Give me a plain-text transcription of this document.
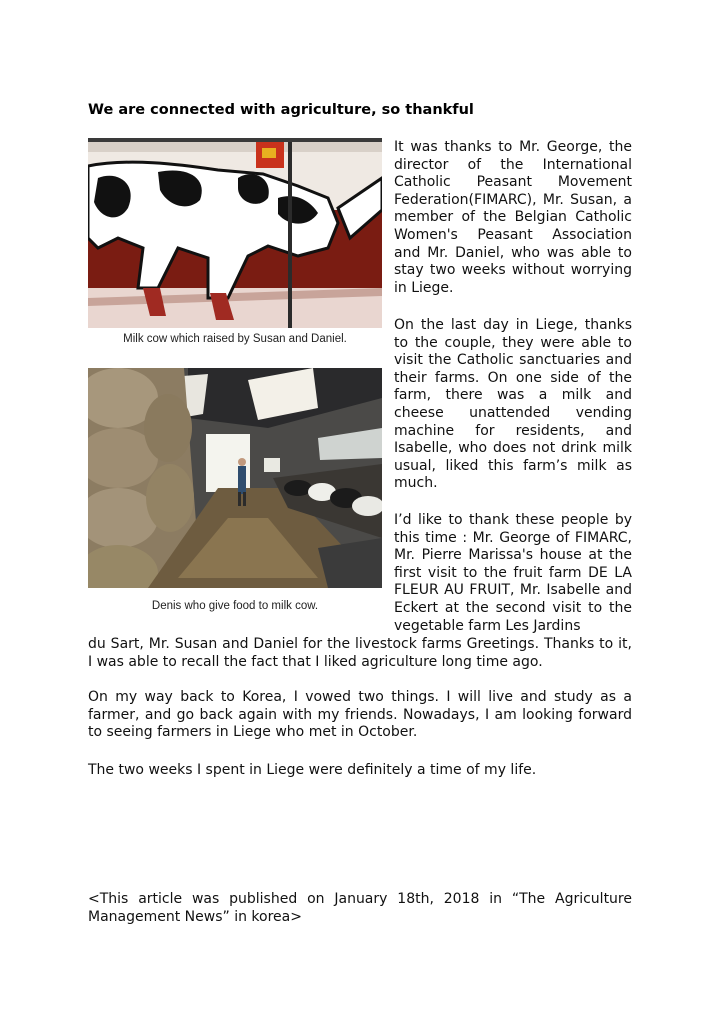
We are connected with agriculture, so thankful
Milk cow which raised by Susan and Daniel.
Denis who give food to milk cow.

It was thanks to Mr. George, the director of the International Catholic Peasant Movement Federation(FIMARC), Mr. Susan, a member of the Belgian Catholic Women's Peasant Association and Mr. Daniel, who was able to stay two weeks without worrying in Liege.

On the last day in Liege, thanks to the couple, they were able to visit the Catholic sanctuaries and their farms. On one side of the farm, there was a milk and cheese unattended vending machine for residents, and Isabelle, who does not drink milk usual, liked this farm’s milk as much.

I’d like to thank these people by this time : Mr. George of FIMARC, Mr. Pierre Marissa's house at the first visit to the fruit farm DE LA FLEUR AU FRUIT, Mr. Isabelle and Eckert at the second visit to the vegetable farm Les Jardins

du Sart, Mr. Susan and Daniel for the livestock farms Greetings. Thanks to it, I was able to recall the fact that I liked agriculture long time ago.

On my way back to Korea, I vowed two things. I will live and study as a farmer, and go back again with my friends. Nowadays, I am looking forward to seeing farmers in Liege who met in October.

The two weeks I spent in Liege were definitely a time of my life.

<This article was published on January 18th, 2018 in “The Agriculture Management News” in korea>
